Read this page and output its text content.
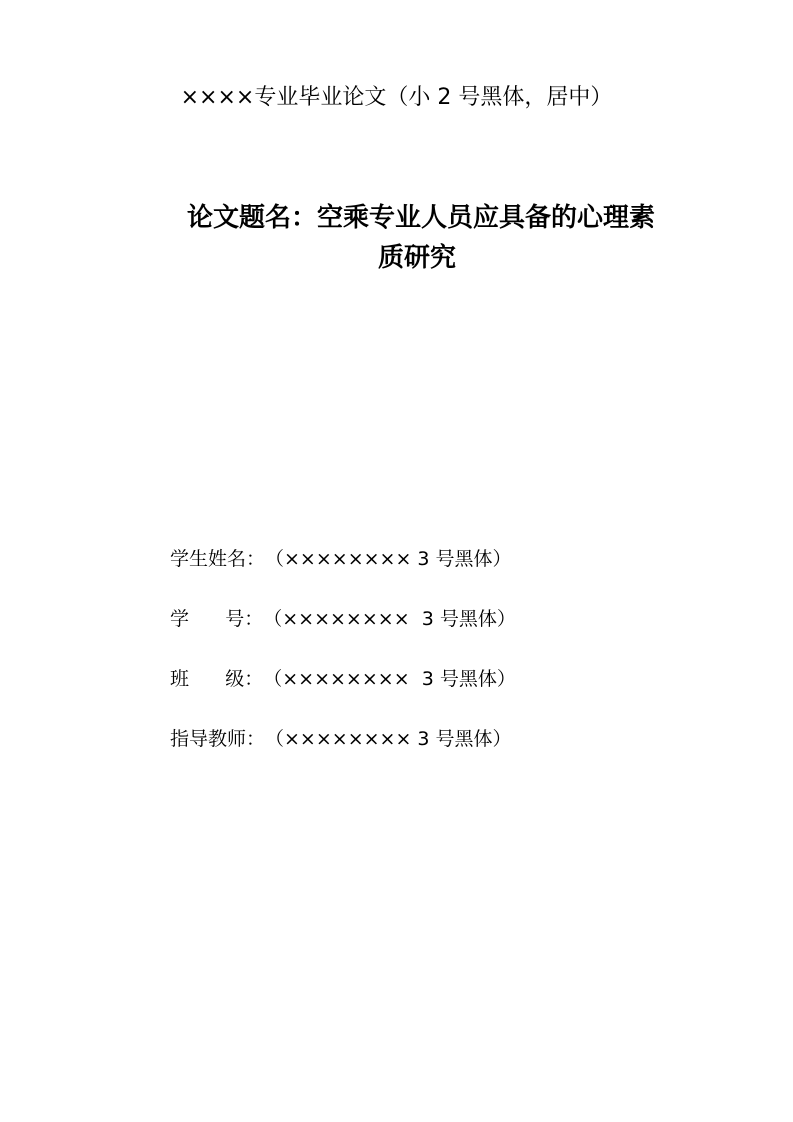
××××专业毕业论文（小 2 号黑体，居中）
论文题名：空乘专业人员应具备的心理素
质研究
学生姓名： （×××××××× 3 号黑体）
学      号： （××××××××  3 号黑体）
班      级： （××××××××  3 号黑体）
指导教师： （×××××××× 3 号黑体）
